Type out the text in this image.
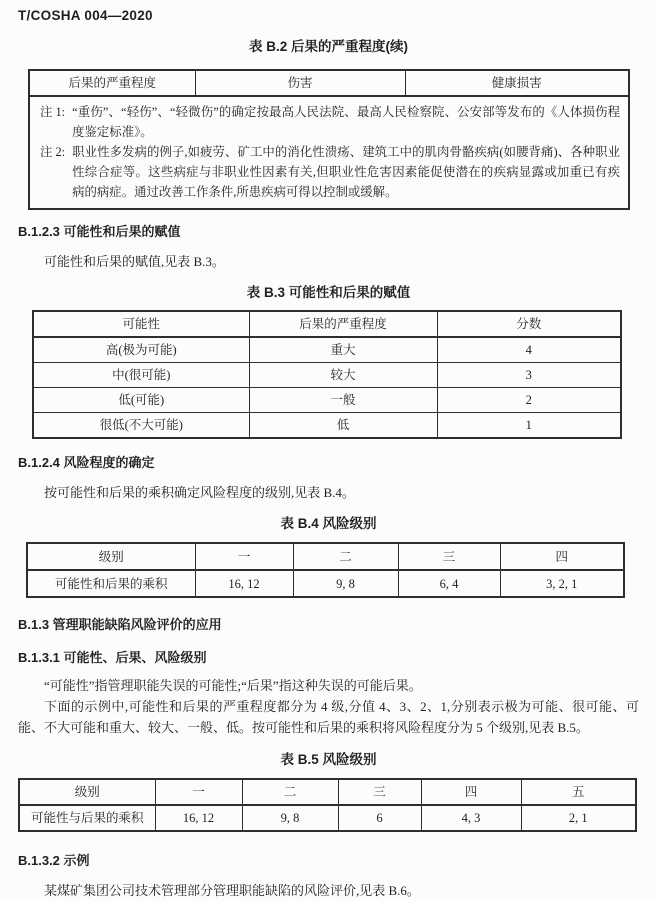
T/COSHA 004—2020
表 B.2 后果的严重程度(续)
后果的严重程度	伤害	健康损害

注 1: “重伤”、“轻伤”、“轻微伤”的确定按最高人民法院、最高人民检察院、公安部等发布的《人体损伤程度鉴定标准》。
注 2: 职业性多发病的例子,如疲劳、矿工中的消化性溃疡、建筑工中的肌肉骨骼疾病(如腰背痛)、各种职业性综合症等。这些病症与非职业性因素有关,但职业性危害因素能促使潜在的疾病显露或加重已有疾病的病症。通过改善工作条件,所患疾病可得以控制或缓解。
B.1.2.3 可能性和后果的赋值
可能性和后果的赋值,见表 B.3。
表 B.3 可能性和后果的赋值
可能性	后果的严重程度	分数
高(极为可能)	重大	4
中(很可能)	较大	3
低(可能)	一般	2
很低(不大可能)	低	1
B.1.2.4 风险程度的确定
按可能性和后果的乘积确定风险程度的级别,见表 B.4。
表 B.4 风险级别
级别	一	二	三	四
可能性和后果的乘积	16, 12	9, 8	6, 4	3, 2, 1
B.1.3 管理职能缺陷风险评价的应用
B.1.3.1 可能性、后果、风险级别
“可能性”指管理职能失误的可能性;“后果”指这种失误的可能后果。
下面的示例中,可能性和后果的严重程度都分为 4 级,分值 4、3、2、1,分别表示极为可能、很可能、可能、不大可能和重大、较大、一般、低。按可能性和后果的乘积将风险程度分为 5 个级别,见表 B.5。
表 B.5 风险级别
级别	一	二	三	四	五
可能性与后果的乘积	16, 12	9, 8	6	4, 3	2, 1
B.1.3.2 示例
某煤矿集团公司技术管理部分管理职能缺陷的风险评价,见表 B.6。
